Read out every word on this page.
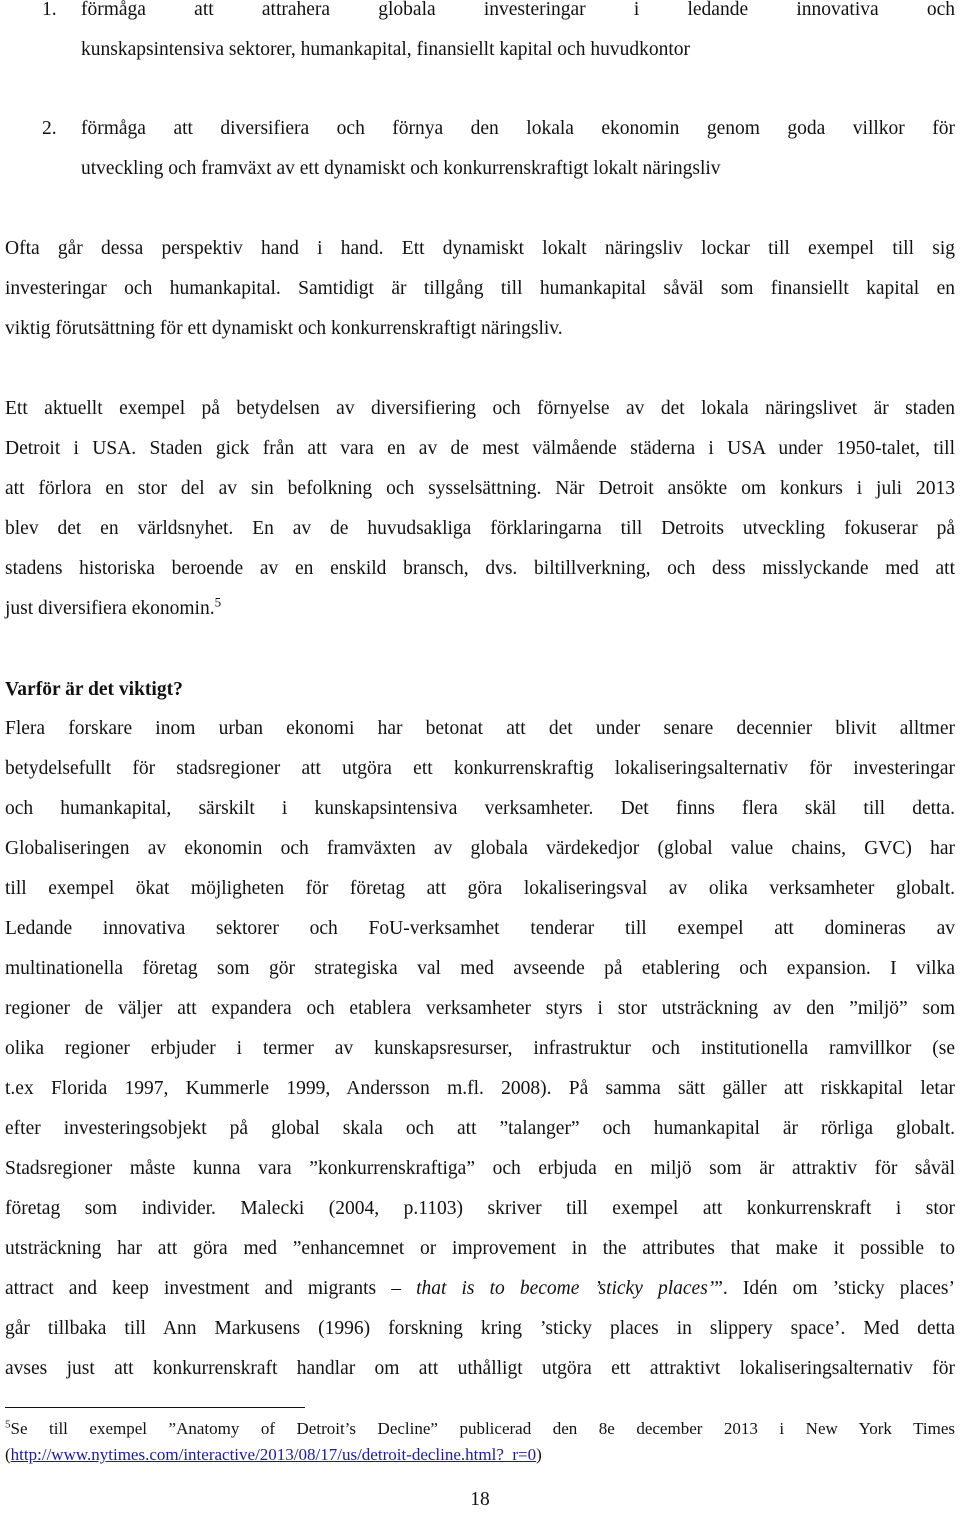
1. förmåga att attrahera globala investeringar i ledande innovativa och
kunskapsintensiva sektorer, humankapital, finansiellt kapital och huvudkontor
2. förmåga att diversifiera och förnya den lokala ekonomin genom goda villkor för
utveckling och framväxt av ett dynamiskt och konkurrenskraftigt lokalt näringsliv
Ofta går dessa perspektiv hand i hand. Ett dynamiskt lokalt näringsliv lockar till exempel till sig
investeringar och humankapital. Samtidigt är tillgång till humankapital såväl som finansiellt kapital en
viktig förutsättning för ett dynamiskt och konkurrenskraftigt näringsliv.
Ett aktuellt exempel på betydelsen av diversifiering och förnyelse av det lokala näringslivet är staden
Detroit i USA. Staden gick från att vara en av de mest välmående städerna i USA under 1950-talet, till
att förlora en stor del av sin befolkning och sysselsättning. När Detroit ansökte om konkurs i juli 2013
blev det en världsnyhet. En av de huvudsakliga förklaringarna till Detroits utveckling fokuserar på
stadens historiska beroende av en enskild bransch, dvs. biltillverkning, och dess misslyckande med att
just diversifiera ekonomin.$^5$
Varför är det viktigt?
Flera forskare inom urban ekonomi har betonat att det under senare decennier blivit alltmer
betydelsefullt för stadsregioner att utgöra ett konkurrenskraftig lokaliseringsalternativ för investeringar
och humankapital, särskilt i kunskapsintensiva verksamheter. Det finns flera skäl till detta.
Globaliseringen av ekonomin och framväxten av globala värdekedjor (global value chains, GVC) har
till exempel ökat möjligheten för företag att göra lokaliseringsval av olika verksamheter globalt.
Ledande innovativa sektorer och FoU-verksamhet tenderar till exempel att domineras av
multinationella företag som gör strategiska val med avseende på etablering och expansion. I vilka
regioner de väljer att expandera och etablera verksamheter styrs i stor utsträckning av den ”miljö” som
olika regioner erbjuder i termer av kunskapsresurser, infrastruktur och institutionella ramvillkor (se
t.ex Florida 1997, Kummerle 1999, Andersson m.fl. 2008). På samma sätt gäller att riskkapital letar
efter investeringsobjekt på global skala och att ”talanger” och humankapital är rörliga globalt.
Stadsregioner måste kunna vara ”konkurrenskraftiga” och erbjuda en miljö som är attraktiv för såväl
företag som individer. Malecki (2004, p.1103) skriver till exempel att konkurrenskraft i stor
utsträckning har att göra med ”enhancemnet or improvement in the attributes that make it possible to
attract and keep investment and migrants – that is to become ’sticky places’”. Idén om ’sticky places’
går tillbaka till Ann Markusens (1996) forskning kring ’sticky places in slippery space’. Med detta
avses just att konkurrenskraft handlar om att uthålligt utgöra ett attraktivt lokaliseringsalternativ för
$^5$Se till exempel ”Anatomy of Detroit’s Decline” publicerad den 8e december 2013 i New York Times
(http://www.nytimes.com/interactive/2013/08/17/us/detroit-decline.html?_r=0)
18
